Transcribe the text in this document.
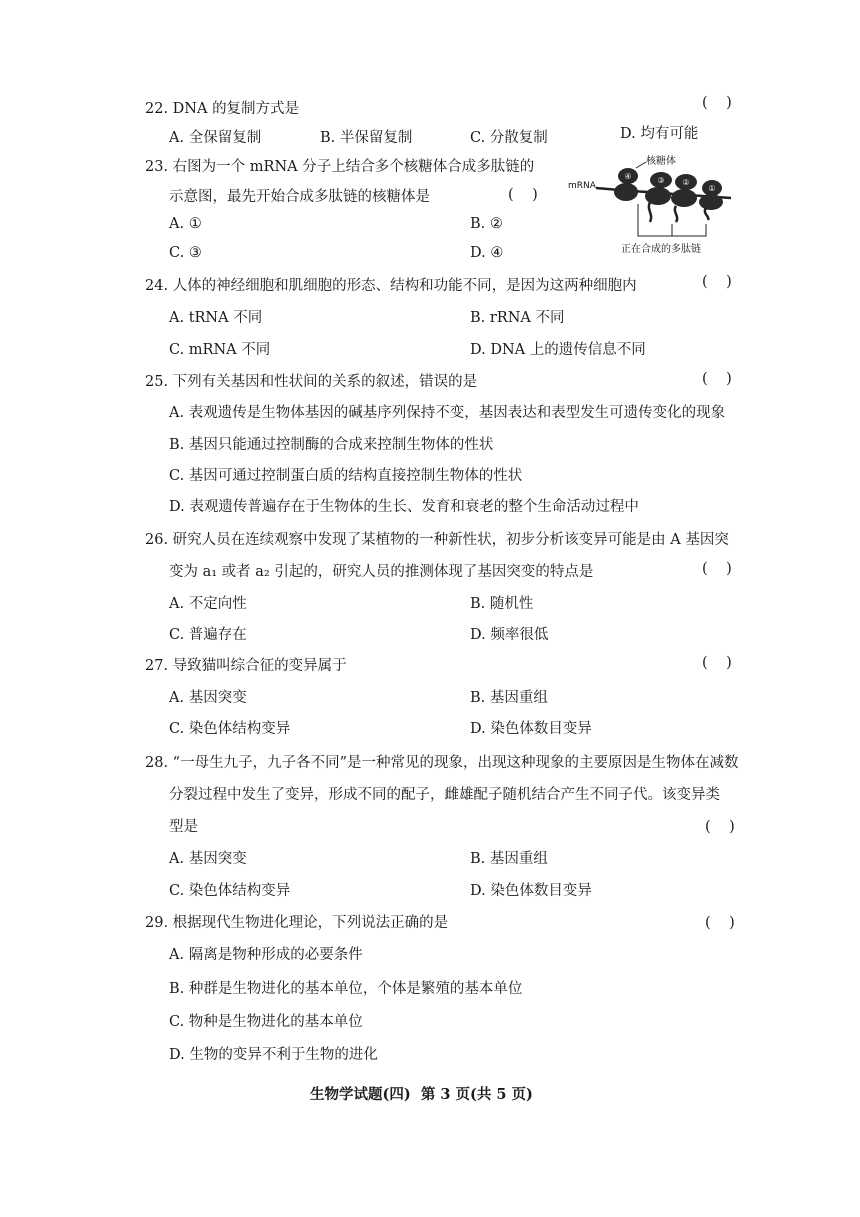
22. DNA 的复制方式是	(    )
A. 全保留复制	B. 半保留复制	C. 分散复制	D. 均有可能
23. 右图为一个 mRNA 分子上结合多个核糖体合成多肽链的
示意图，最先开始合成多肽链的核糖体是	(    )
A. ①	B. ②
C. ③	D. ④
④	③ ②
①
核糖体
mRNA
正在合成的多肽链
24. 人体的神经细胞和肌细胞的形态、结构和功能不同，是因为这两种细胞内	(    )
A. tRNA 不同	B. rRNA 不同
C. mRNA 不同	D. DNA 上的遗传信息不同
25. 下列有关基因和性状间的关系的叙述，错误的是	(    )
A. 表观遗传是生物体基因的碱基序列保持不变，基因表达和表型发生可遗传变化的现象
B. 基因只能通过控制酶的合成来控制生物体的性状
C. 基因可通过控制蛋白质的结构直接控制生物体的性状
D. 表观遗传普遍存在于生物体的生长、发育和衰老的整个生命活动过程中
26. 研究人员在连续观察中发现了某植物的一种新性状，初步分析该变异可能是由 A 基因突
变为 a₁ 或者 a₂ 引起的，研究人员的推测体现了基因突变的特点是	(    )
A. 不定向性	B. 随机性
C. 普遍存在	D. 频率很低
27. 导致猫叫综合征的变异属于	(    )
A. 基因突变	B. 基因重组
C. 染色体结构变异	D. 染色体数目变异
28. “一母生九子，九子各不同”是一种常见的现象，出现这种现象的主要原因是生物体在减数
分裂过程中发生了变异，形成不同的配子，雌雄配子随机结合产生不同子代。该变异类
型是	(    )
A. 基因突变	B. 基因重组
C. 染色体结构变异	D. 染色体数目变异
29. 根据现代生物进化理论，下列说法正确的是	(    )
A. 隔离是物种形成的必要条件
B. 种群是生物进化的基本单位，个体是繁殖的基本单位
C. 物种是生物进化的基本单位
D. 生物的变异不利于生物的进化
生物学试题(四)  第 3 页(共 5 页)
